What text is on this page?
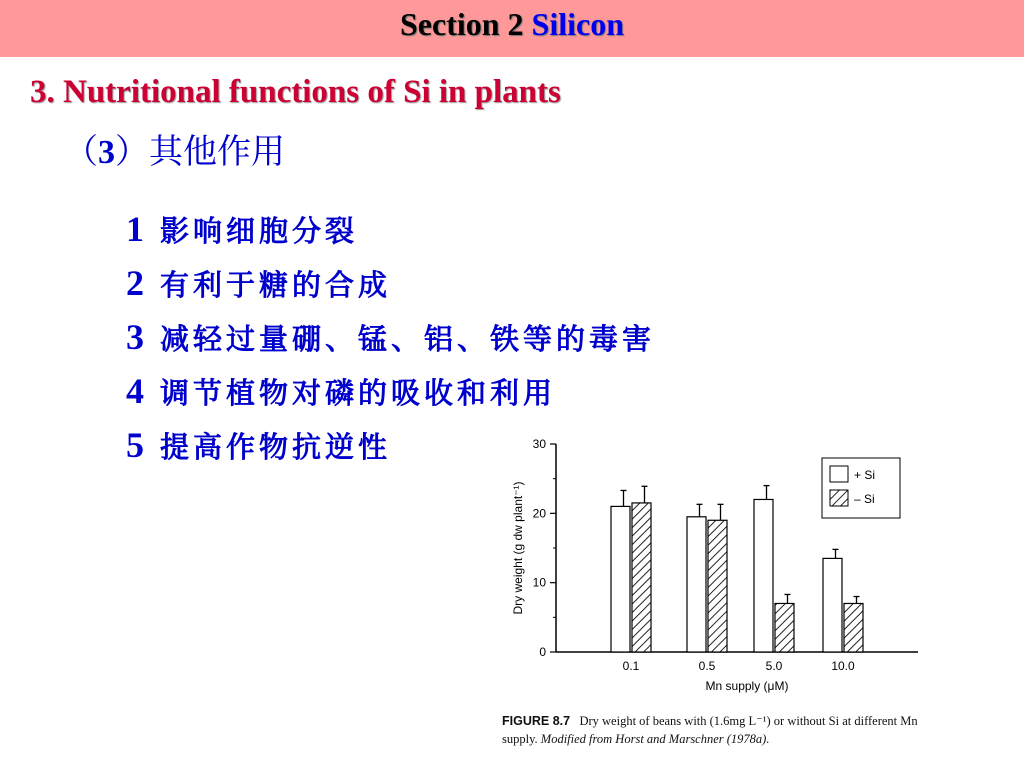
Section 2 Silicon
3. Nutritional functions of Si in plants
（3）其他作用
1 影响细胞分裂
2 有利于糖的合成
3 减轻过量硼、锰、铝、铁等的毒害
4 调节植物对磷的吸收和利用
5 提高作物抗逆性
0
10
20
30
Dry weight (g dw plant⁻¹)
0.1	0.5	5.0	10.0
Mn supply (μM)
+ Si
– Si
FIGURE 8.7 Dry weight of beans with (1.6mg L⁻¹) or without Si at different Mn supply. Modified from Horst and Marschner (1978a).
